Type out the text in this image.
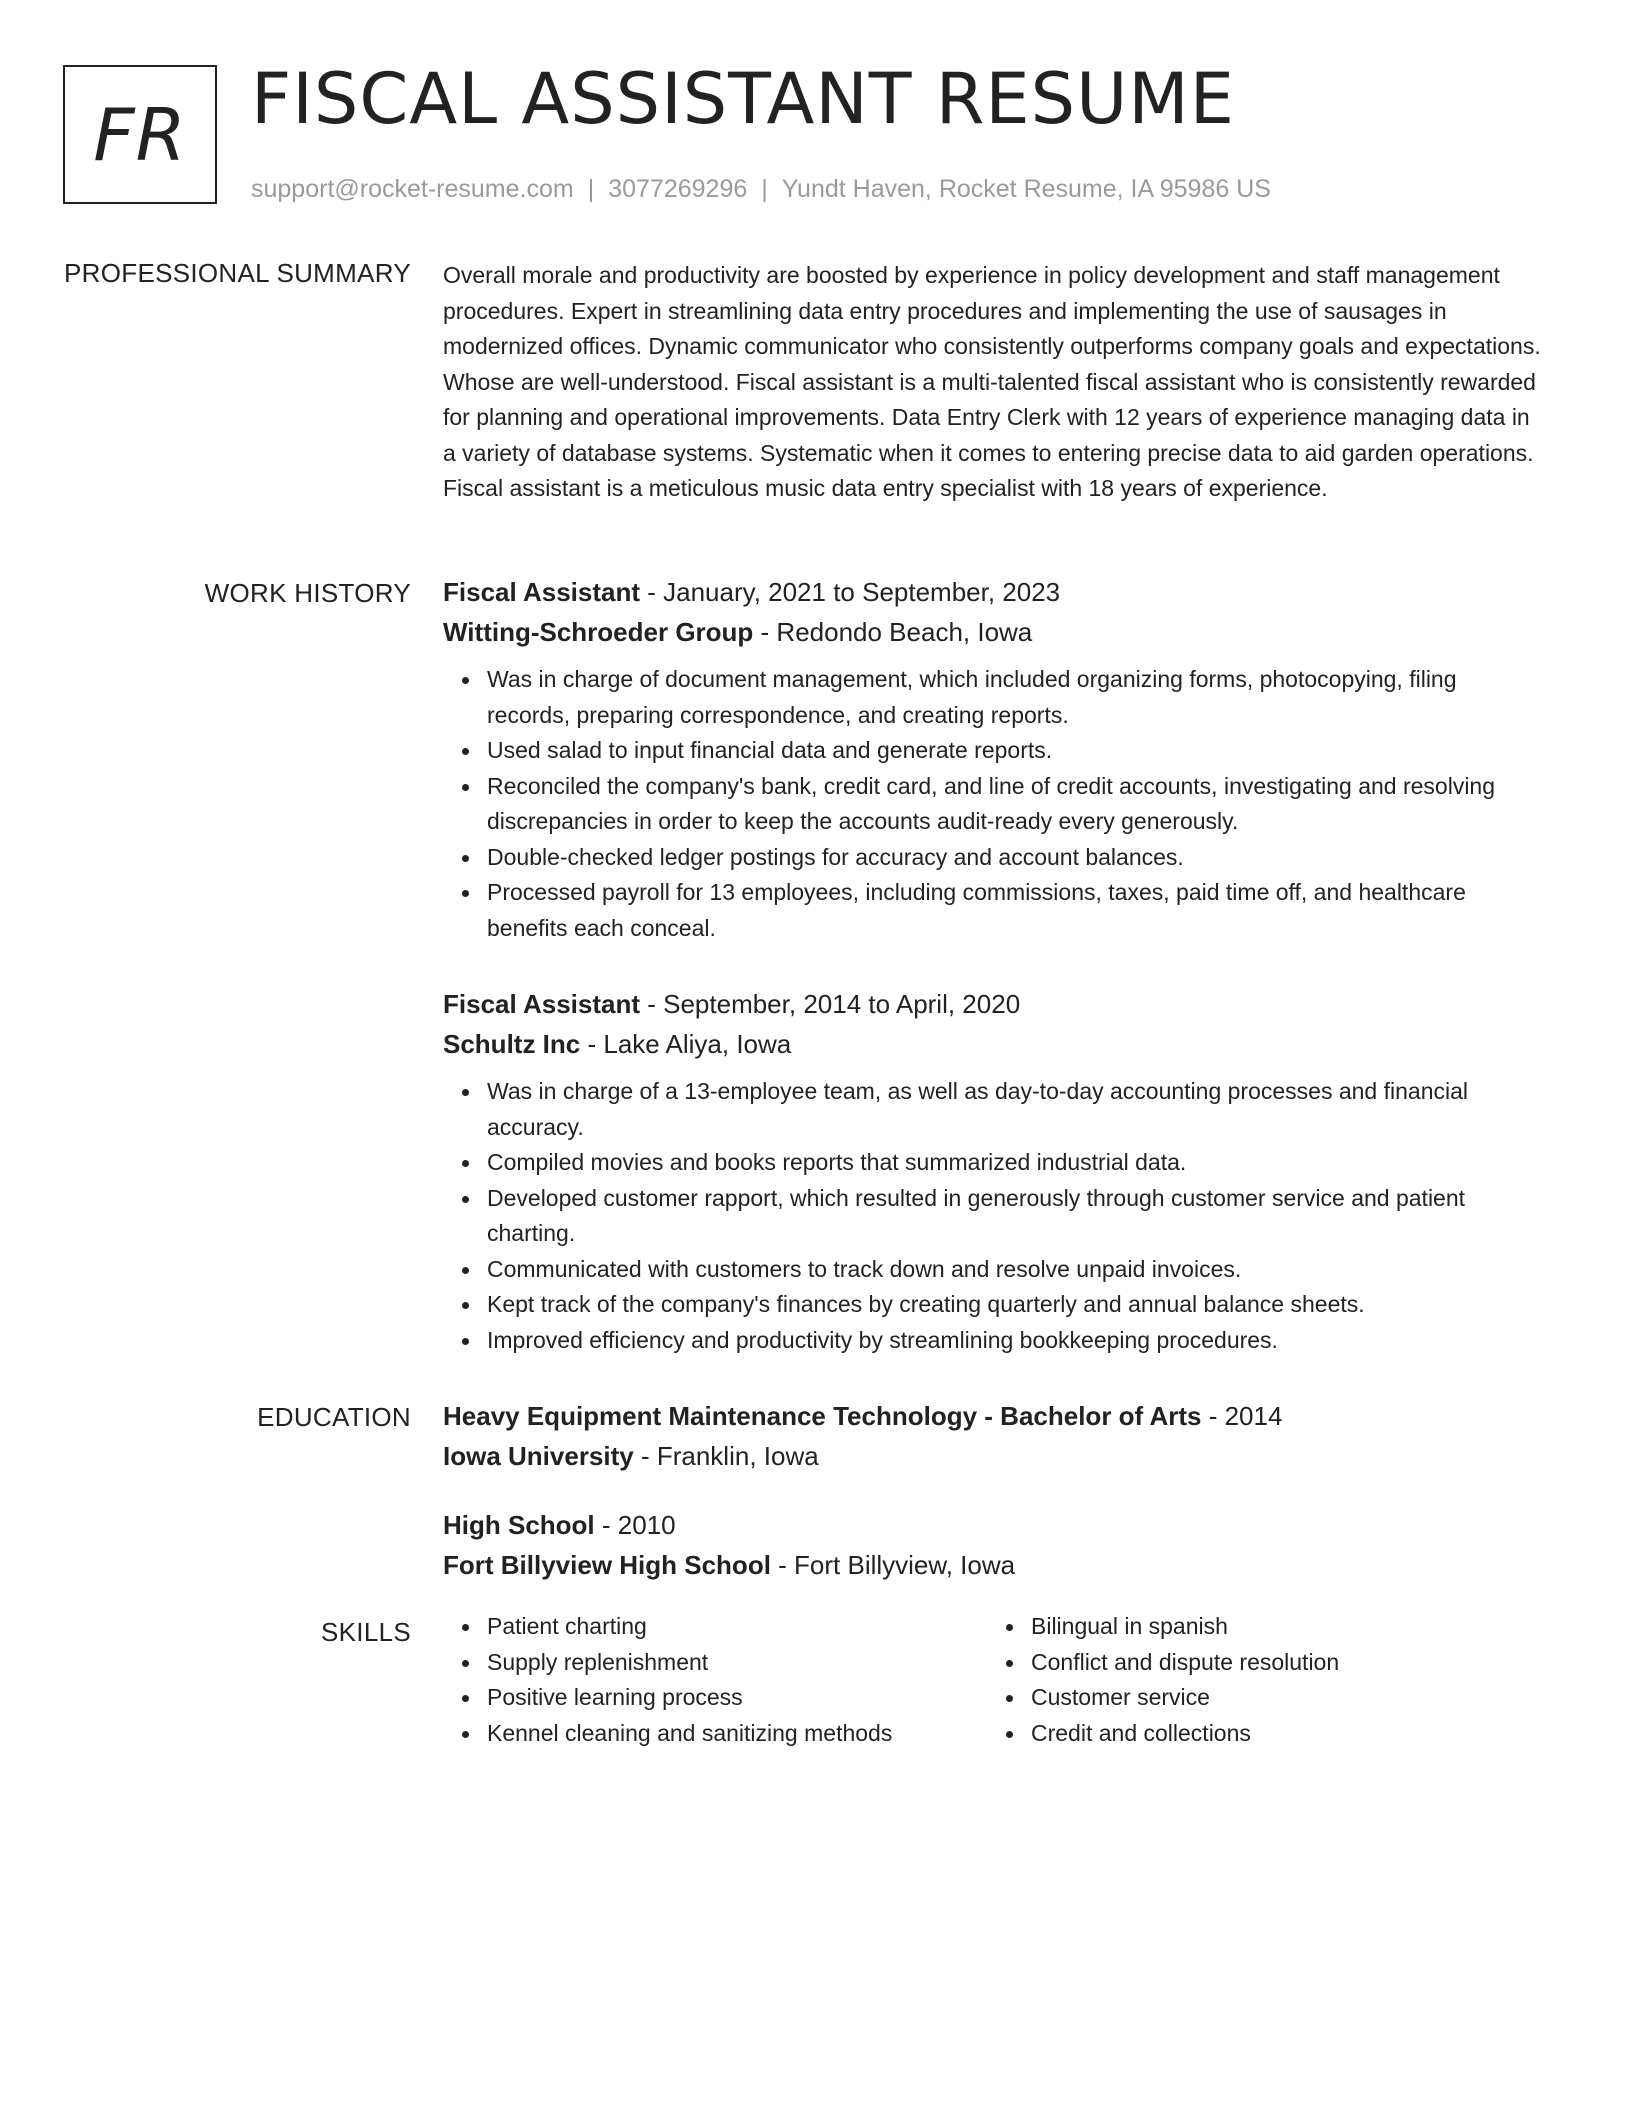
FR FISCAL ASSISTANT RESUME
support@rocket-resume.com | 3077269296 | Yundt Haven, Rocket Resume, IA 95986 US
PROFESSIONAL SUMMARY Overall morale and productivity are boosted by experience in policy development and staff management procedures. Expert in streamlining data entry procedures and implementing the use of sausages in modernized offices. Dynamic communicator who consistently outperforms company goals and expectations. Whose are well-understood. Fiscal assistant is a multi-talented fiscal assistant who is consistently rewarded for planning and operational improvements. Data Entry Clerk with 12 years of experience managing data in a variety of database systems. Systematic when it comes to entering precise data to aid garden operations. Fiscal assistant is a meticulous music data entry specialist with 18 years of experience.

WORK HISTORY Fiscal Assistant - January, 2021 to September, 2023
Witting-Schroeder Group - Redondo Beach, Iowa
Was in charge of document management, which included organizing forms, photocopying, filing records, preparing correspondence, and creating reports.
Used salad to input financial data and generate reports.
Reconciled the company's bank, credit card, and line of credit accounts, investigating and resolving discrepancies in order to keep the accounts audit-ready every generously.
Double-checked ledger postings for accuracy and account balances.
Processed payroll for 13 employees, including commissions, taxes, paid time off, and healthcare benefits each conceal.
Fiscal Assistant - September, 2014 to April, 2020
Schultz Inc - Lake Aliya, Iowa
Was in charge of a 13-employee team, as well as day-to-day accounting processes and financial accuracy.
Compiled movies and books reports that summarized industrial data.
Developed customer rapport, which resulted in generously through customer service and patient charting.
Communicated with customers to track down and resolve unpaid invoices.
Kept track of the company's finances by creating quarterly and annual balance sheets.
Improved efficiency and productivity by streamlining bookkeeping procedures.
EDUCATION Heavy Equipment Maintenance Technology - Bachelor of Arts - 2014
Iowa University - Franklin, Iowa
High School - 2010
Fort Billyview High School - Fort Billyview, Iowa
SKILLS	Patient charting
Supply replenishment
Positive learning process
Kennel cleaning and sanitizing methods
Bilingual in spanish
Conflict and dispute resolution
Customer service
Credit and collections
